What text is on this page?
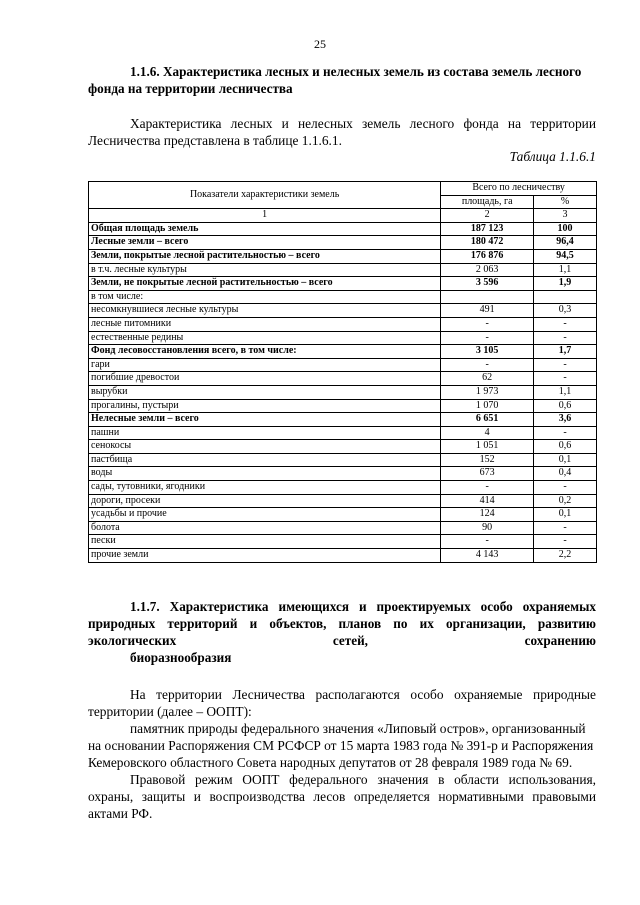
25
1.1.6. Характеристика лесных и нелесных земель из состава земель лесного фонда на территории лесничества
Характеристика лесных и нелесных земель лесного фонда на территории Лесничества представлена в таблице 1.1.6.1.
Таблица 1.1.6.1
Показатели характеристики земель	Всего по лесничеству	
	площадь, га	%
1	2	3
Общая площадь земель	187 123	100
Лесные земли – всего	180 472	96,4
Земли, покрытые лесной растительностью – всего	176 876	94,5
в т.ч. лесные культуры	2 063	1,1
Земли, не покрытые лесной растительностью – всего	3 596	1,9
в том числе:		
несомкнувшиеся лесные культуры	491	0,3
лесные питомники	-	-
естественные редины	-	-
Фонд лесовосстановления всего, в том числе:	3 105	1,7
гари	-	-
погибшие древостои	62	-
вырубки	1 973	1,1
прогалины, пустыри	1 070	0,6
Нелесные земли – всего	6 651	3,6
пашни	4	-
сенокосы	1 051	0,6
пастбища	152	0,1
воды	673	0,4
сады, тутовники, ягодники	-	-
дороги, просеки	414	0,2
усадьбы и прочие	124	0,1
болота	90	-
пески	-	-
прочие земли	4 143	2,2
1.1.7. Характеристика имеющихся и проектируемых особо охраняемых природных территорий и объектов, планов по их организации, развитию экологических сетей, сохранению
биоразнообразия
На территории Лесничества располагаются особо охраняемые природные территории (далее – ООПТ):
памятник природы федерального значения «Липовый остров», организованный на основании Распоряжения СМ РСФСР от 15 марта 1983 года № 391-р и Распоряжения Кемеровского областного Совета народных депутатов от 28 февраля 1989 года № 69.
Правовой режим ООПТ федерального значения в области использования, охраны, защиты и воспроизводства лесов определяется нормативными правовыми актами РФ.
